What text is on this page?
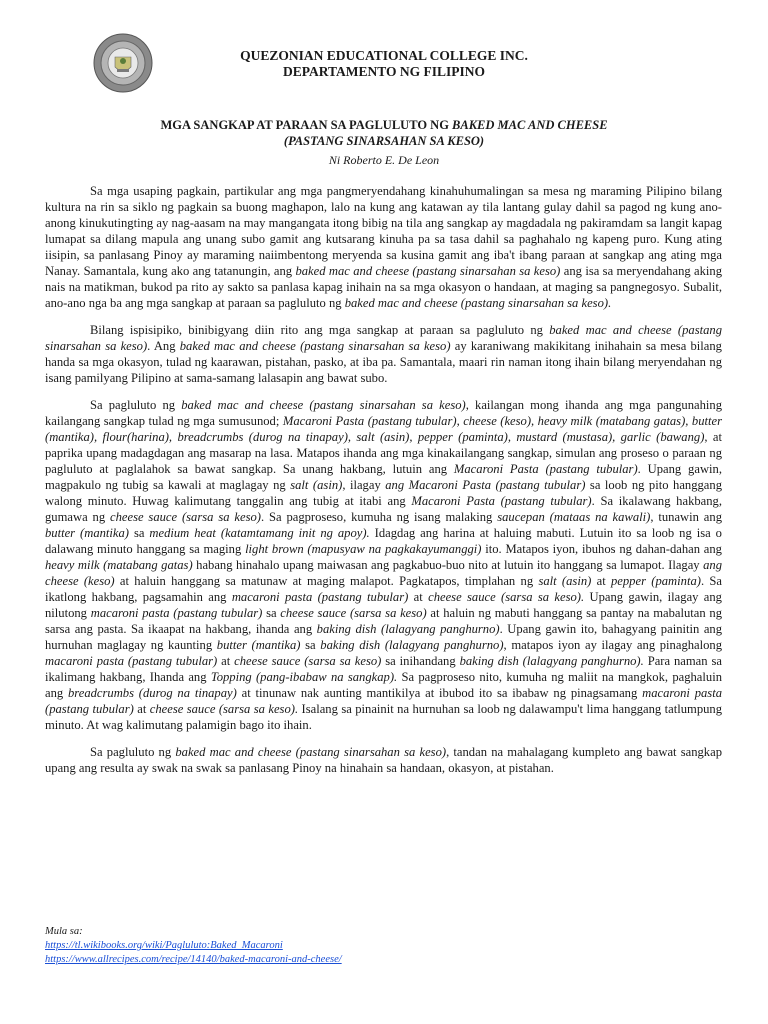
QUEZONIAN EDUCATIONAL COLLEGE INC.
DEPARTAMENTO NG FILIPINO
MGA SANGKAP AT PARAAN SA PAGLULUTO NG BAKED MAC AND CHEESE
(PASTANG SINARSAHAN SA KESO)
Ni Roberto E. De Leon

Sa mga usaping pagkain, partikular ang mga pangmeryendahang kinahuhumalingan sa mesa ng maraming Pilipino bilang kultura na rin sa siklo ng pagkain sa buong maghapon, lalo na kung ang katawan ay tila lantang gulay dahil sa pagod ng kung ano-anong kinukutingting ay nag-aasam na may mangangata itong bibig na tila ang sangkap ay magdadala ng pakiramdam sa langit kapag lumapat sa dilang mapula ang unang subo gamit ang kutsarang kinuha pa sa tasa dahil sa paghahalo ng kapeng puro. Kung ating iisipin, sa panlasang Pinoy ay maraming naiimbentong meryenda sa kusina gamit ang iba't ibang paraan at sangkap ang ating mga Nanay. Samantala, kung ako ang tatanungin, ang baked mac and cheese (pastang sinarsahan sa keso) ang isa sa meryendahang aking nais na matikman, bukod pa rito ay sakto sa panlasa kapag inihain na sa mga okasyon o handaan, at maging sa pangnegosyo. Subalit, ano-ano nga ba ang mga sangkap at paraan sa pagluluto ng baked mac and cheese (pastang sinarsahan sa keso).

Bilang ispisipiko, binibigyang diin rito ang mga sangkap at paraan sa pagluluto ng baked mac and cheese (pastang sinarsahan sa keso). Ang baked mac and cheese (pastang sinarsahan sa keso) ay karaniwang makikitang inihahain sa mesa bilang handa sa mga okasyon, tulad ng kaarawan, pistahan, pasko, at iba pa. Samantala, maari rin naman itong ihain bilang meryendahan ng isang pamilyang Pilipino at sama-samang lalasapin ang bawat subo.

Sa pagluluto ng baked mac and cheese (pastang sinarsahan sa keso), kailangan mong ihanda ang mga pangunahing kailangang sangkap tulad ng mga sumusunod; Macaroni Pasta (pastang tubular), cheese (keso), heavy milk (matabang gatas), butter (mantika), flour(harina), breadcrumbs (durog na tinapay), salt (asin), pepper (paminta), mustard (mustasa), garlic (bawang), at paprika upang madagdagan ang masarap na lasa. Matapos ihanda ang mga kinakailangang sangkap, simulan ang proseso o paraan ng pagluluto at paglalahok sa bawat sangkap. Sa unang hakbang, lutuin ang Macaroni Pasta (pastang tubular). Upang gawin, magpakulo ng tubig sa kawali at maglagay ng salt (asin), ilagay ang Macaroni Pasta (pastang tubular) sa loob ng pito hanggang walong minuto. Huwag kalimutang tanggalin ang tubig at itabi ang Macaroni Pasta (pastang tubular). Sa ikalawang hakbang, gumawa ng cheese sauce (sarsa sa keso). Sa pagproseso, kumuha ng isang malaking saucepan (mataas na kawali), tunawin ang butter (mantika) sa medium heat (katamtamang init ng apoy). Idagdag ang harina at haluing mabuti. Lutuin ito sa loob ng isa o dalawang minuto hanggang sa maging light brown (mapusyaw na pagkakayumanggi) ito. Matapos iyon, ibuhos ng dahan-dahan ang heavy milk (matabang gatas) habang hinahalo upang maiwasan ang pagkabuo-buo nito at lutuin ito hanggang sa lumapot. Ilagay ang cheese (keso) at haluin hanggang sa matunaw at maging malapot. Pagkatapos, timplahan ng salt (asin) at pepper (paminta). Sa ikatlong hakbang, pagsamahin ang macaroni pasta (pastang tubular) at cheese sauce (sarsa sa keso). Upang gawin, ilagay ang nilutong macaroni pasta (pastang tubular) sa cheese sauce (sarsa sa keso) at haluin ng mabuti hanggang sa pantay na mabalutan ng sarsa ang pasta. Sa ikaapat na hakbang, ihanda ang baking dish (lalagyang panghurno). Upang gawin ito, bahagyang painitin ang hurnuhan maglagay ng kaunting butter (mantika) sa baking dish (lalagyang panghurno), matapos iyon ay ilagay ang pinaghalong macaroni pasta (pastang tubular) at cheese sauce (sarsa sa keso) sa inihandang baking dish (lalagyang panghurno). Para naman sa ikalimang hakbang, Ihanda ang Topping (pang-ibabaw na sangkap). Sa pagproseso nito, kumuha ng maliit na mangkok, paghaluin ang breadcrumbs (durog na tinapay) at tinunaw nak aunting mantikilya at ibubod ito sa ibabaw ng pinagsamang macaroni pasta (pastang tubular) at cheese sauce (sarsa sa keso). Isalang sa pinainit na hurnuhan sa loob ng dalawampu't lima hanggang tatlumpung minuto. At wag kalimutang palamigin bago ito ihain.

Sa pagluluto ng baked mac and cheese (pastang sinarsahan sa keso), tandan na mahalagang kumpleto ang bawat sangkap upang ang resulta ay swak na swak sa panlasang Pinoy na hinahain sa handaan, okasyon, at pistahan.

Mula sa:
https://tl.wikibooks.org/wiki/Pagluluto:Baked_Macaroni
https://www.allrecipes.com/recipe/14140/baked-macaroni-and-cheese/
